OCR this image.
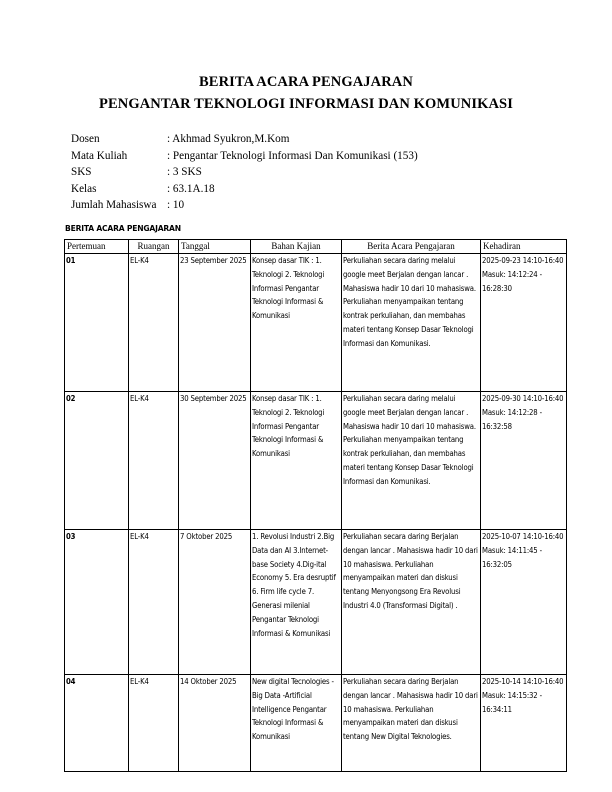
BERITA ACARA PENGAJARAN
PENGANTAR TEKNOLOGI INFORMASI DAN KOMUNIKASI
Dosen	: Akhmad Syukron,M.Kom
Mata Kuliah	: Pengantar Teknologi Informasi Dan Komunikasi (153)
SKS	: 3 SKS
Kelas	: 63.1A.18
Jumlah Mahasiswa : 10
BERITA ACARA PENGAJARAN
Pertemuan	Ruangan	Tanggal	Bahan Kajian	Berita Acara Pengajaran	Kehadiran
01	EL-K4	23 September 2025	Konsep dasar TIK : 1. Teknologi 2. Teknologi Informasi Pengantar Teknologi Informasi & Komunikasi	Perkuliahan secara daring melalui google meet Berjalan dengan lancar . Mahasiswa hadir 10 dari 10 mahasiswa. Perkuliahan menyampaikan tentang kontrak perkuliahan, dan membahas materi tentang Konsep Dasar Teknologi Informasi dan Komunikasi.	2025-09-23 14:10-16:40 Masuk: 14:12:24 - 16:28:30
02	EL-K4	30 September 2025	Konsep dasar TIK : 1. Teknologi 2. Teknologi Informasi Pengantar Teknologi Informasi & Komunikasi	Perkuliahan secara daring melalui google meet Berjalan dengan lancar . Mahasiswa hadir 10 dari 10 mahasiswa. Perkuliahan menyampaikan tentang kontrak perkuliahan, dan membahas materi tentang Konsep Dasar Teknologi Informasi dan Komunikasi.	2025-09-30 14:10-16:40 Masuk: 14:12:28 - 16:32:58
03	EL-K4	7 Oktober 2025	1. Revolusi Industri 2.Big Data dan AI 3.Internet-base Society 4.Dig-ital Economy 5. Era desruptif 6. Firm life cycle 7. Generasi milenial Pengantar Teknologi Informasi & Komunikasi	Perkuliahan secara daring Berjalan dengan lancar . Mahasiswa hadir 10 dari 10 mahasiswa. Perkuliahan menyampaikan materi dan diskusi tentang Menyongsong Era Revolusi Industri 4.0 (Transformasi Digital) .	2025-10-07 14:10-16:40 Masuk: 14:11:45 - 16:32:05
04	EL-K4	14 Oktober 2025	New digital Tecnologies -Big Data -Artificial Intelligence Pengantar Teknologi Informasi & Komunikasi	Perkuliahan secara daring Berjalan dengan lancar . Mahasiswa hadir 10 dari 10 mahasiswa. Perkuliahan menyampaikan materi dan diskusi tentang New Digital Teknologies.	2025-10-14 14:10-16:40 Masuk: 14:15:32 - 16:34:11
